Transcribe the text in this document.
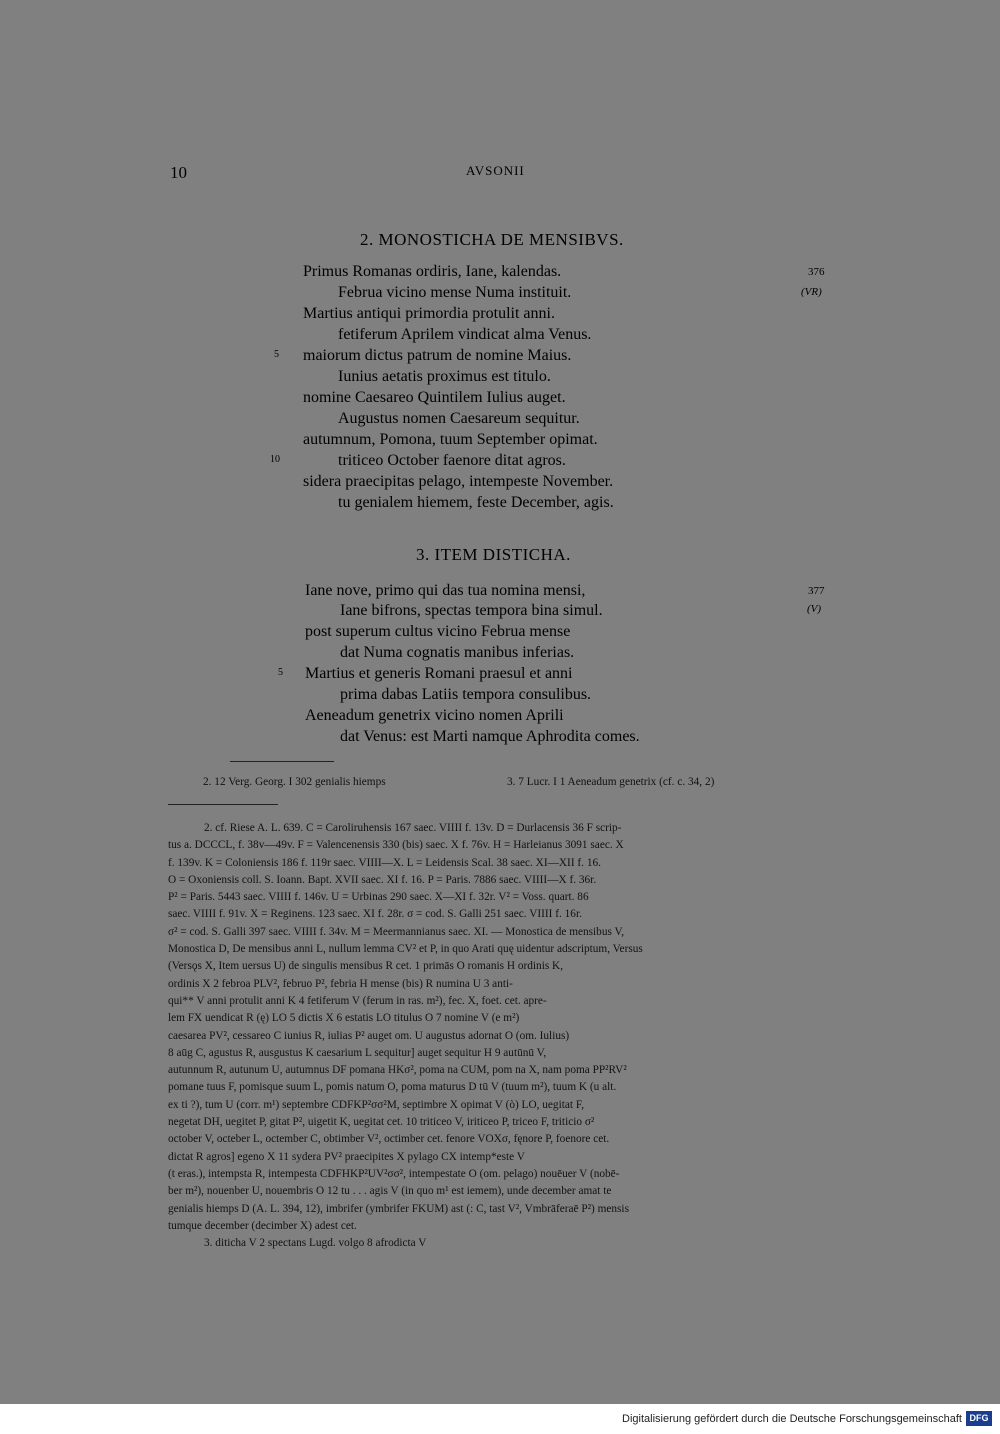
10	AVSONII
2. MONOSTICHA DE MENSIBVS.
376
(VR)
Primus Romanas ordiris, Iane, kalendas.
Februa vicino mense Numa instituit.
Martius antiqui primordia protulit anni.
fetiferum Aprilem vindicat alma Venus.
maiorum dictus patrum de nomine Maius.
Iunius aetatis proximus est titulo.
nomine Caesareo Quintilem Iulius auget.
Augustus nomen Caesareum sequitur.
autumnum, Pomona, tuum September opimat.
triticeo October faenore ditat agros.
sidera praecipitas pelago, intempeste November.
tu genialem hiemem, feste December, agis.
5
10
3. ITEM DISTICHA.
377
(V)
Iane nove, primo qui das tua nomina mensi,
Iane bifrons, spectas tempora bina simul.
post superum cultus vicino Februa mense
dat Numa cognatis manibus inferias.
Martius et generis Romani praesul et anni
prima dabas Latiis tempora consulibus.
Aeneadum genetrix vicino nomen Aprili
dat Venus: est Marti namque Aphrodita comes.
5
2. 12 Verg. Georg. I 302 genialis hiemps	3. 7 Lucr. I 1 Aeneadum genetrix (cf. c. 34, 2)

2. cf. Riese A. L. 639. C = Caroliruhensis 167 saec. VIIII f. 13v. D = Durlacensis 36 F scrip-

tus a. DCCCL, f. 38v—49v. F = Valencenensis 330 (bis) saec. X f. 76v. H = Harleianus 3091 saec. X

f. 139v. K = Coloniensis 186 f. 119r saec. VIIII—X. L = Leidensis Scal. 38 saec. XI—XII f. 16.

O = Oxoniensis coll. S. Ioann. Bapt. XVII saec. XI f. 16. P = Paris. 7886 saec. VIIII—X f. 36r.

P² = Paris. 5443 saec. VIIII f. 146v. U = Urbinas 290 saec. X—XI f. 32r. V² = Voss. quart. 86

saec. VIIII f. 91v. X = Reginens. 123 saec. XI f. 28r. σ = cod. S. Galli 251 saec. VIIII f. 16r.

σ² = cod. S. Galli 397 saec. VIIII f. 34v. M = Meermannianus saec. XI. — Monostica de mensibus V,

Monostica D, De mensibus anni L, nullum lemma CV² et P, in quo Arati quę uidentur adscriptum, Versus

(Versǫs X, Item uersus U) de singulis mensibus R cet. 1 primās O romanis H ordinis K,

ordinis X 2 febroa PLV², februo P², febria H mense (bis) R numina U 3 anti-

qui** V anni protulit anni K 4 fetiferum V (ferum in ras. m²), fec. X, foet. cet. apre-

lem FX uendicat R (ę) LO 5 dictis X 6 estatis LO titulus O 7 nomine V (e m²)

caesarea PV², cessareo C iunius R, iulias P² auget om. U augustus adornat O (om. Iulius)

8 aūg C, agustus R, ausgustus K caesarium L sequitur] auget sequitur H 9 autūnū V,

autunnum R, autunum U, autumnus DF pomana HKσ², poma na CUM, pom na X, nam poma PP²RV²

pomane tuus F, pomisque suum L, pomis natum O, poma maturus D tū V (tuum m²), tuum K (u alt.

ex ti ?), tum U (corr. m¹) septembre CDFKP²σσ²M, septimbre X opimat V (ò) LO, uegitat F,

negetat DH, uegitet P, gitat P², uigetit K, uegitat cet. 10 triticeo V, iriticeo P, triceo F, triticio σ²

october V, octeber L, octember C, obtimber V², octimber cet. fenore VOXσ, fęnore P, foenore cet.

dictat R agros] egeno X 11 sydera PV² praecipites X pylago CX intemp*este V

(t eras.), intempsta R, intempesta CDFHKP²UV²σσ², intempestate O (om. pelago) nouēuer V (nobē-

ber m²), nouenber U, nouembris O 12 tu . . . agis V (in quo m¹ est iemem), unde december amat te

genialis hiemps D (A. L. 394, 12), imbrifer (ymbrifer FKUM) ast (: C, tast V², Vmbrāferaē P²) mensis

tumque december (decimber X) adest cet.

3. diticha V 2 spectans Lugd. volgo 8 afrodicta V

Digitalisierung gefördert durch die Deutsche Forschungsgemeinschaft DFG
